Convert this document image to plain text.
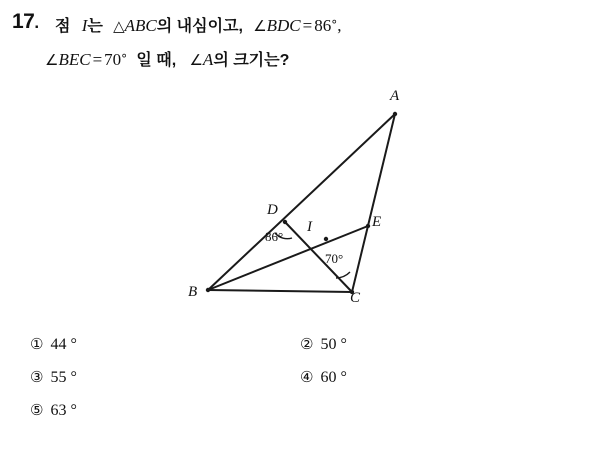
17. 점 I는 △ABC의 내심이고, ∠BDC = 86°,
∠BEC = 70° 일 때, ∠A의 크기는?
A
B	C
D
E
I
86°
70°
① 44 °	② 50 °
③ 55 °	④ 60 °
⑤ 63 °
